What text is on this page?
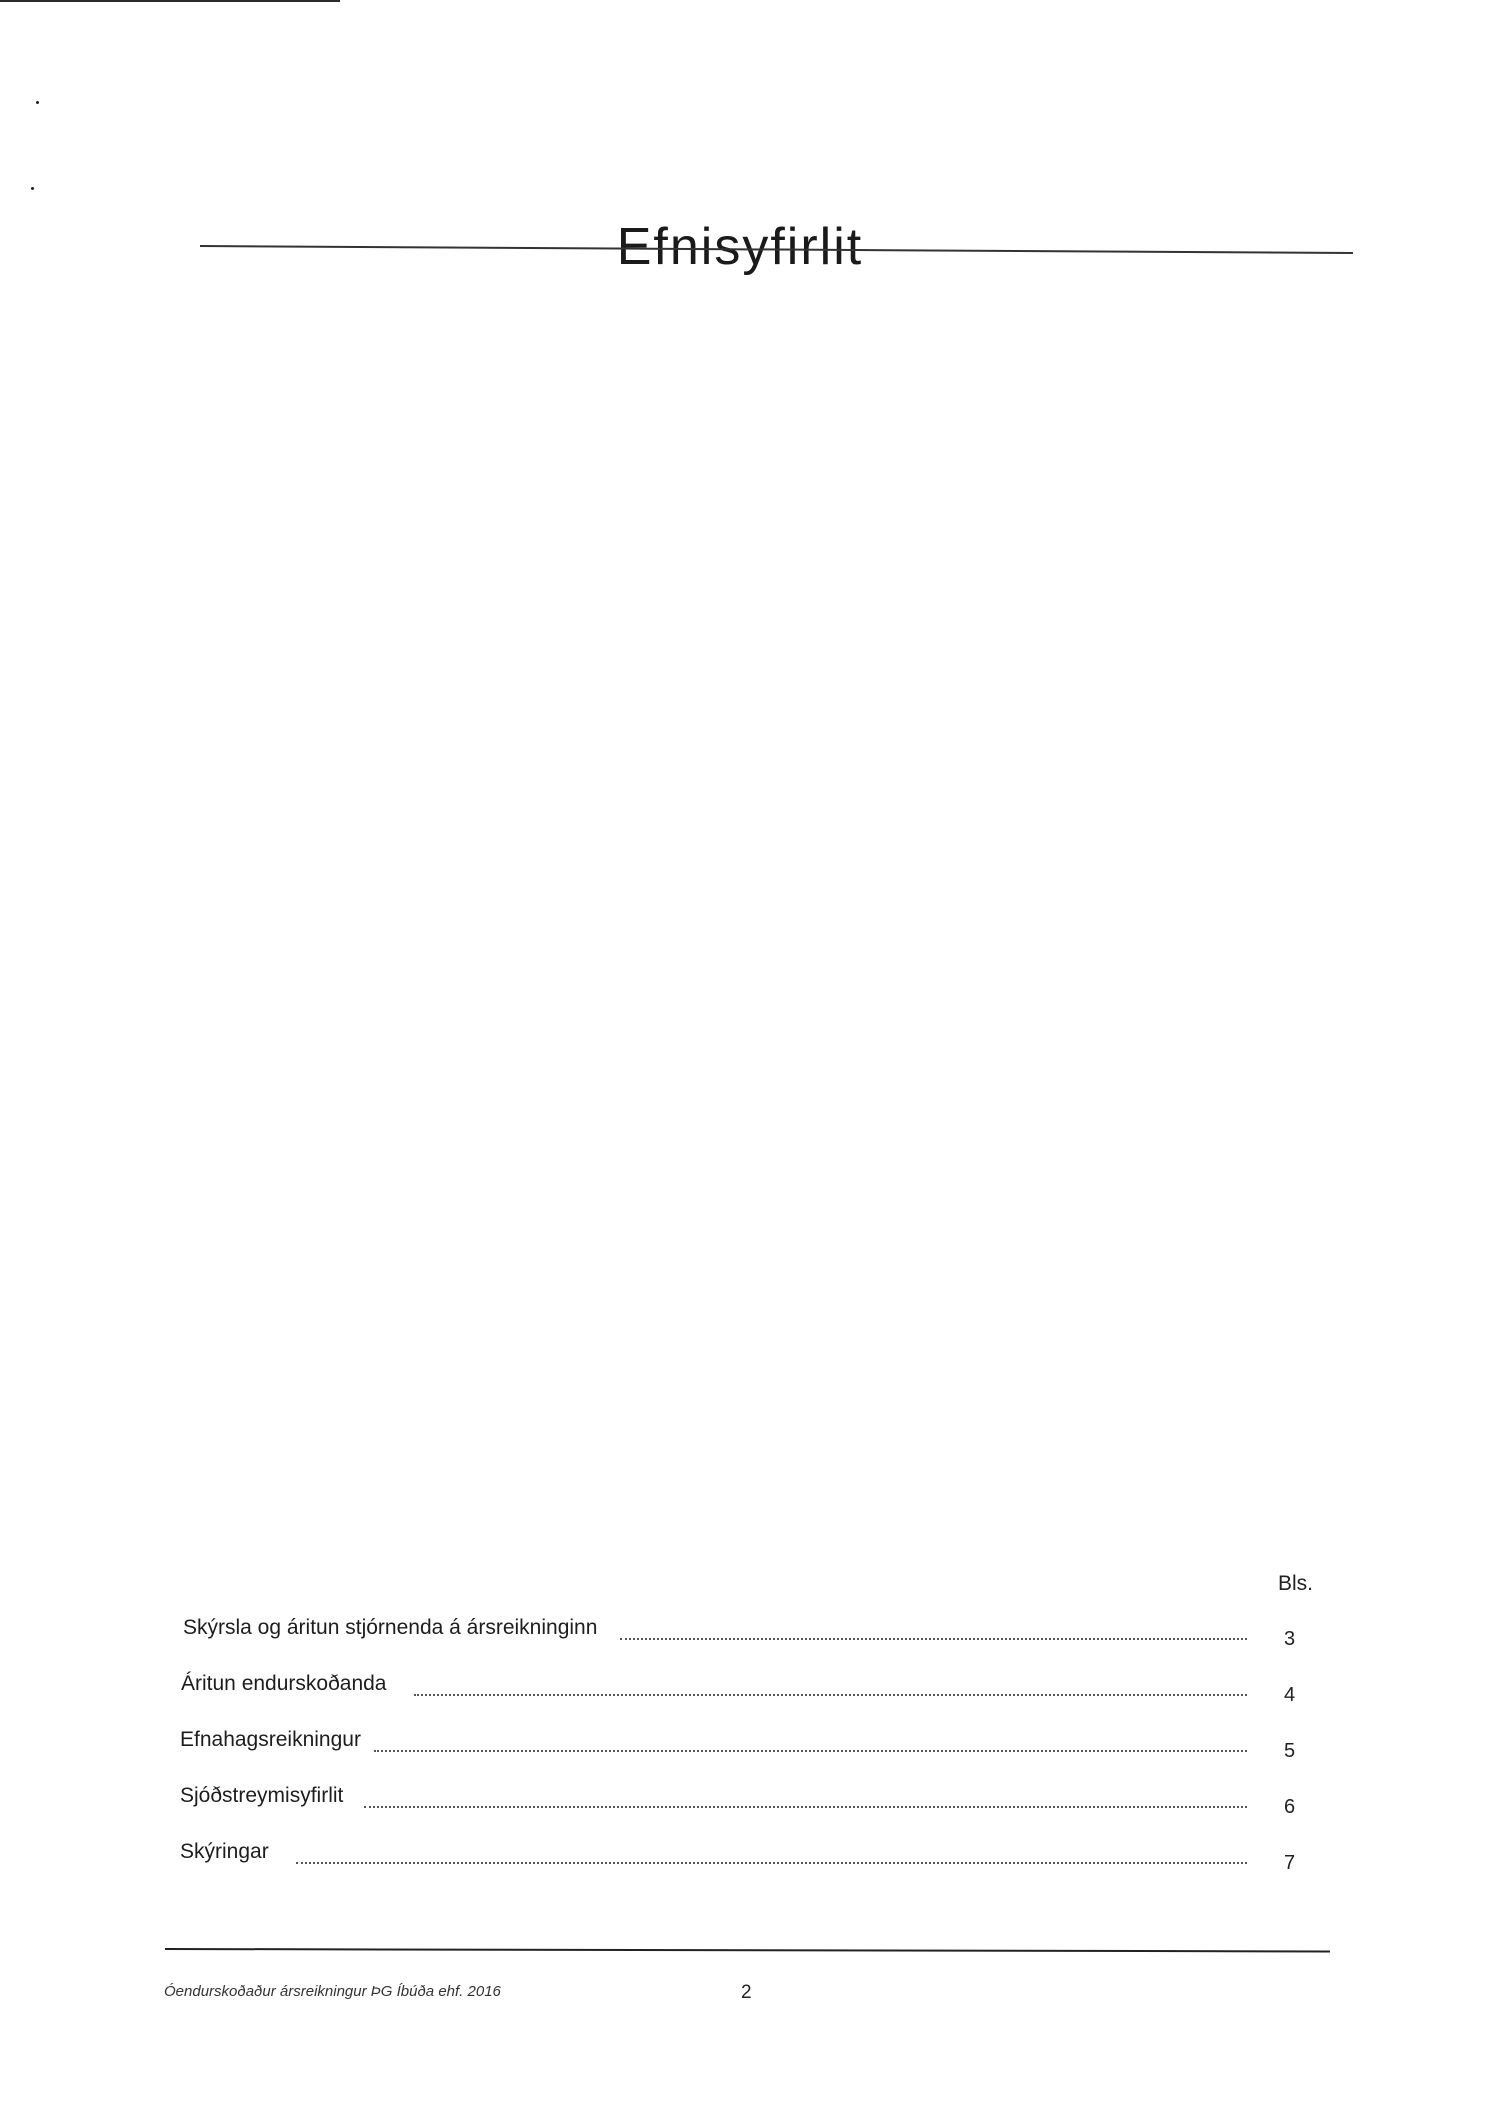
Efnisyfirlit
Bls.
Skýrsla og áritun stjórnenda á ársreikninginn	3
Áritun endurskoðanda	4
Efnahagsreikningur	5
Sjóðstreymisyfirlit	6
Skýringar	7
Óendurskoðaður ársreikningur ÞG Íbúða ehf. 2016	2
